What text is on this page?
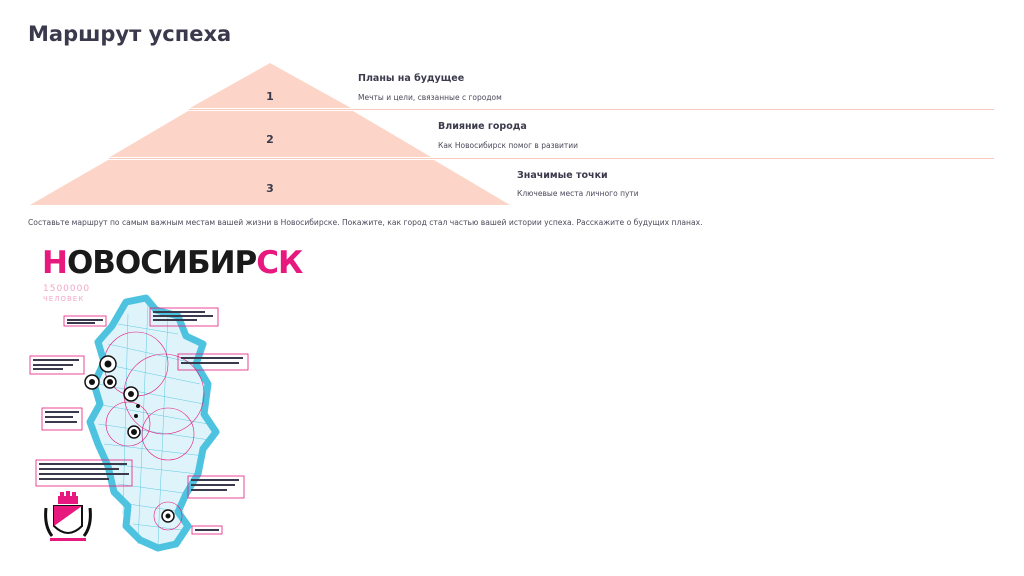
Маршрут успеха
1
2
3
Планы на будущее
Мечты и цели, связанные с городом
Влияние города
Как Новосибирск помог в развитии
Значимые точки
Ключевые места личного пути
Составьте маршрут по самым важным местам вашей жизни в Новосибирске. Покажите, как город стал частью вашей истории успеха. Расскажите о будущих планах.
НОВОСИБИРСК
1500000
ЧЕЛОВЕК
